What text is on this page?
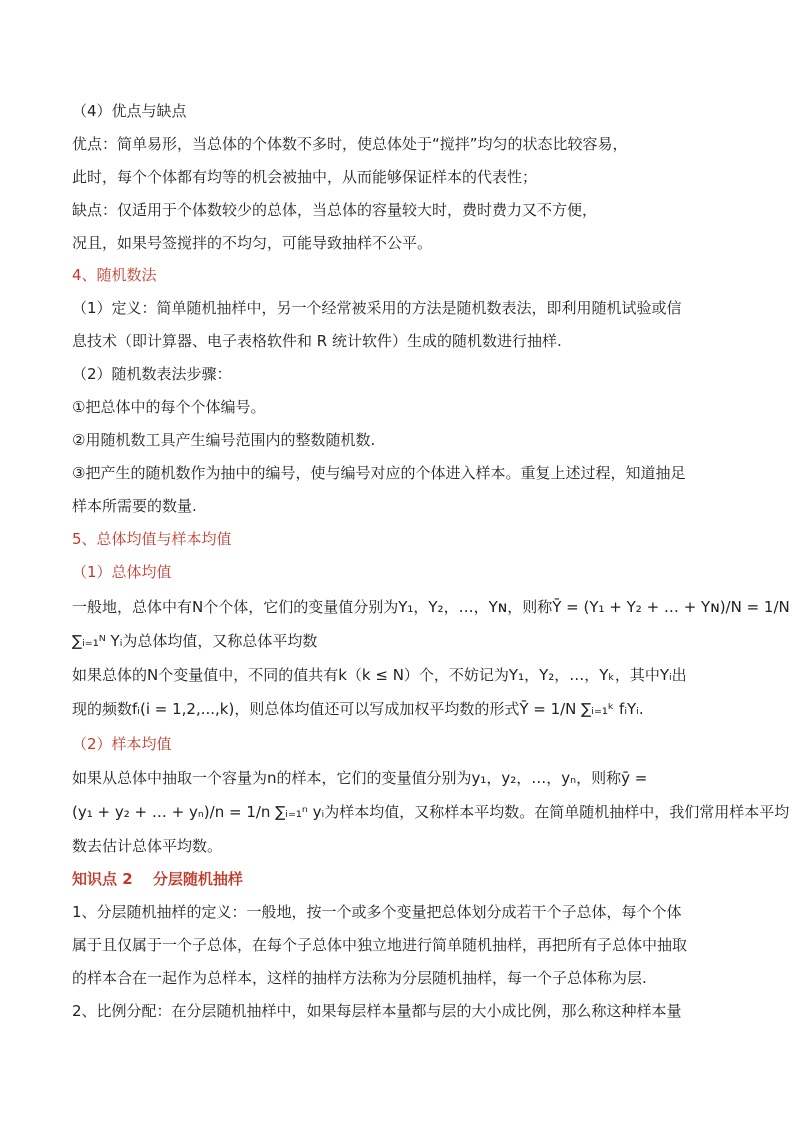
（4）优点与缺点
优点：简单易形，当总体的个体数不多时，使总体处于“搅拌”均匀的状态比较容易，
此时，每个个体都有均等的机会被抽中，从而能够保证样本的代表性；
缺点：仅适用于个体数较少的总体，当总体的容量较大时，费时费力又不方便，
况且，如果号签搅拌的不均匀，可能导致抽样不公平。
4、随机数法
（1）定义：简单随机抽样中，另一个经常被采用的方法是随机数表法，即利用随机试验或信
息技术（即计算器、电子表格软件和 R 统计软件）生成的随机数进行抽样.
（2）随机数表法步骤：
①把总体中的每个个体编号。
②用随机数工具产生编号范围内的整数随机数.
③把产生的随机数作为抽中的编号，使与编号对应的个体进入样本。重复上述过程，知道抽足
样本所需要的数量.
5、总体均值与样本均值
（1）总体均值
一般地，总体中有N个个体，它们的变量值分别为Y₁，Y₂，…，Yɴ，则称Ȳ = (Y₁ + Y₂ + … + Yɴ)/N = 1/N
∑ᵢ₌₁ᴺ Yᵢ为总体均值，又称总体平均数
如果总体的N个变量值中，不同的值共有k（k ≤ N）个，不妨记为Y₁，Y₂，…，Yₖ，其中Yᵢ出
现的频数fᵢ(i = 1,2,...,k)，则总体均值还可以写成加权平均数的形式Ȳ = 1/N ∑ᵢ₌₁ᵏ fᵢYᵢ.
（2）样本均值
如果从总体中抽取一个容量为n的样本，它们的变量值分别为y₁，y₂，…，yₙ，则称ȳ =
(y₁ + y₂ + … + yₙ)/n = 1/n ∑ᵢ₌₁ⁿ yᵢ为样本均值，又称样本平均数。在简单随机抽样中，我们常用样本平均
数去估计总体平均数。
知识点 2　 分层随机抽样
1、分层随机抽样的定义：一般地，按一个或多个变量把总体划分成若干个子总体，每个个体
属于且仅属于一个子总体，在每个子总体中独立地进行简单随机抽样，再把所有子总体中抽取
的样本合在一起作为总样本，这样的抽样方法称为分层随机抽样，每一个子总体称为层.
2、比例分配：在分层随机抽样中，如果每层样本量都与层的大小成比例，那么称这种样本量
